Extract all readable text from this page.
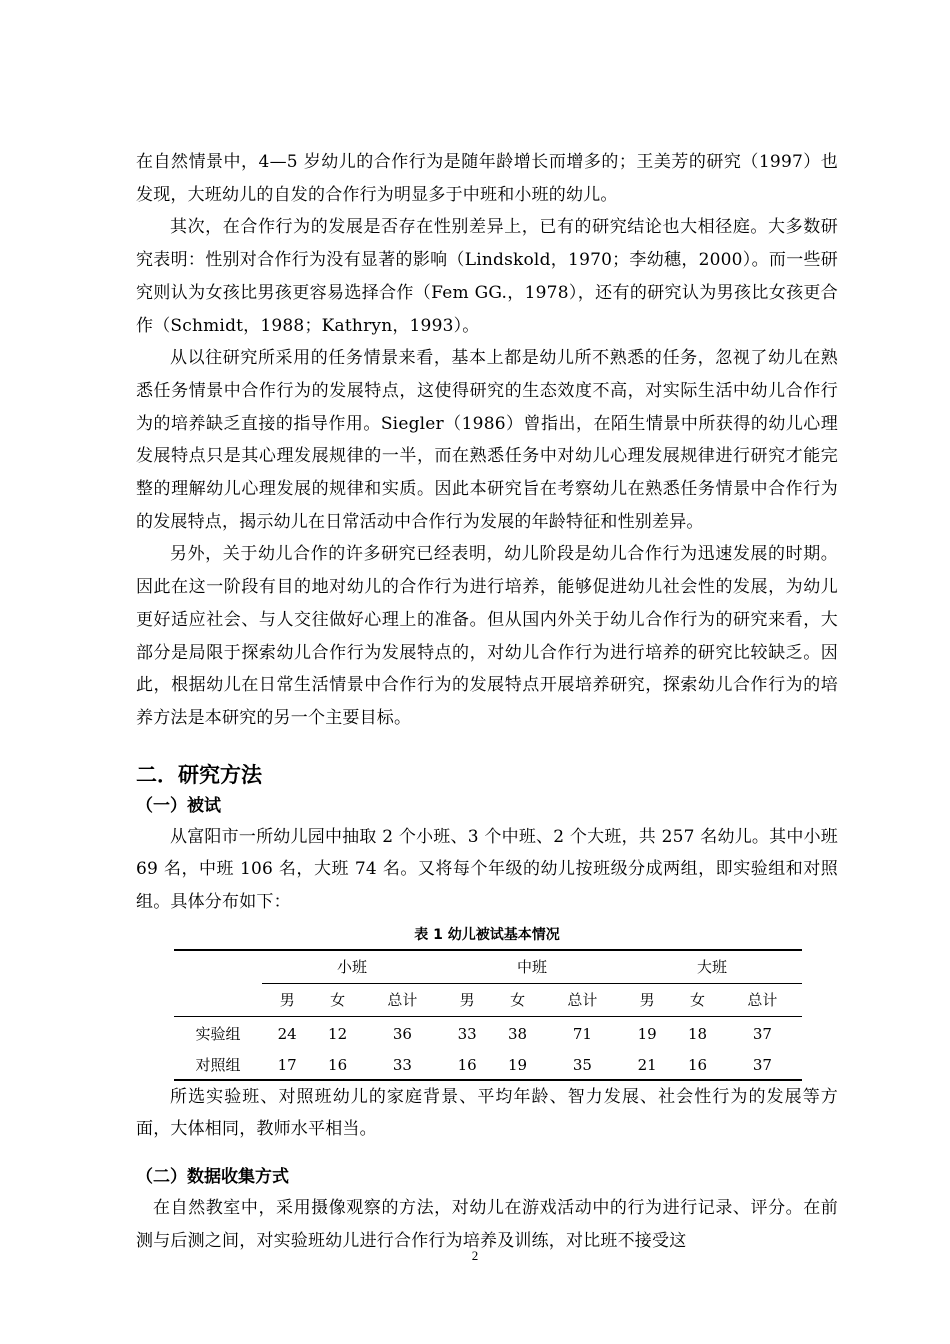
在自然情景中，4—5 岁幼儿的合作行为是随年龄增长而增多的；王美芳的研究（1997）也发现，大班幼儿的自发的合作行为明显多于中班和小班的幼儿。

其次，在合作行为的发展是否存在性别差异上，已有的研究结论也大相径庭。大多数研究表明：性别对合作行为没有显著的影响（Lindskold，1970；李幼穗，2000）。而一些研究则认为女孩比男孩更容易选择合作（Fem GG.，1978），还有的研究认为男孩比女孩更合作（Schmidt，1988；Kathryn，1993）。

从以往研究所采用的任务情景来看，基本上都是幼儿所不熟悉的任务，忽视了幼儿在熟悉任务情景中合作行为的发展特点，这使得研究的生态效度不高，对实际生活中幼儿合作行为的培养缺乏直接的指导作用。Siegler（1986）曾指出，在陌生情景中所获得的幼儿心理发展特点只是其心理发展规律的一半，而在熟悉任务中对幼儿心理发展规律进行研究才能完整的理解幼儿心理发展的规律和实质。因此本研究旨在考察幼儿在熟悉任务情景中合作行为的发展特点，揭示幼儿在日常活动中合作行为发展的年龄特征和性别差异。

另外，关于幼儿合作的许多研究已经表明，幼儿阶段是幼儿合作行为迅速发展的时期。因此在这一阶段有目的地对幼儿的合作行为进行培养，能够促进幼儿社会性的发展，为幼儿更好适应社会、与人交往做好心理上的准备。但从国内外关于幼儿合作行为的研究来看，大部分是局限于探索幼儿合作行为发展特点的，对幼儿合作行为进行培养的研究比较缺乏。因此，根据幼儿在日常生活情景中合作行为的发展特点开展培养研究，探索幼儿合作行为的培养方法是本研究的另一个主要目标。

二．研究方法
（一）被试

从富阳市一所幼儿园中抽取 2 个小班、3 个中班、2 个大班，共 257 名幼儿。其中小班 69 名，中班 106 名，大班 74 名。又将每个年级的幼儿按班级分成两组，即实验组和对照组。具体分布如下：

表 1 幼儿被试基本情况
	小班			中班			大班		
	男	女	总计	男	女	总计	男	女	总计
实验组	24	12	36	33	38	71	19	18	37
对照组	17	16	33	16	19	35	21	16	37

所选实验班、对照班幼儿的家庭背景、平均年龄、智力发展、社会性行为的发展等方面，大体相同，教师水平相当。

（二）数据收集方式

在自然教室中，采用摄像观察的方法，对幼儿在游戏活动中的行为进行记录、评分。在前测与后测之间，对实验班幼儿进行合作行为培养及训练，对比班不接受这

2
